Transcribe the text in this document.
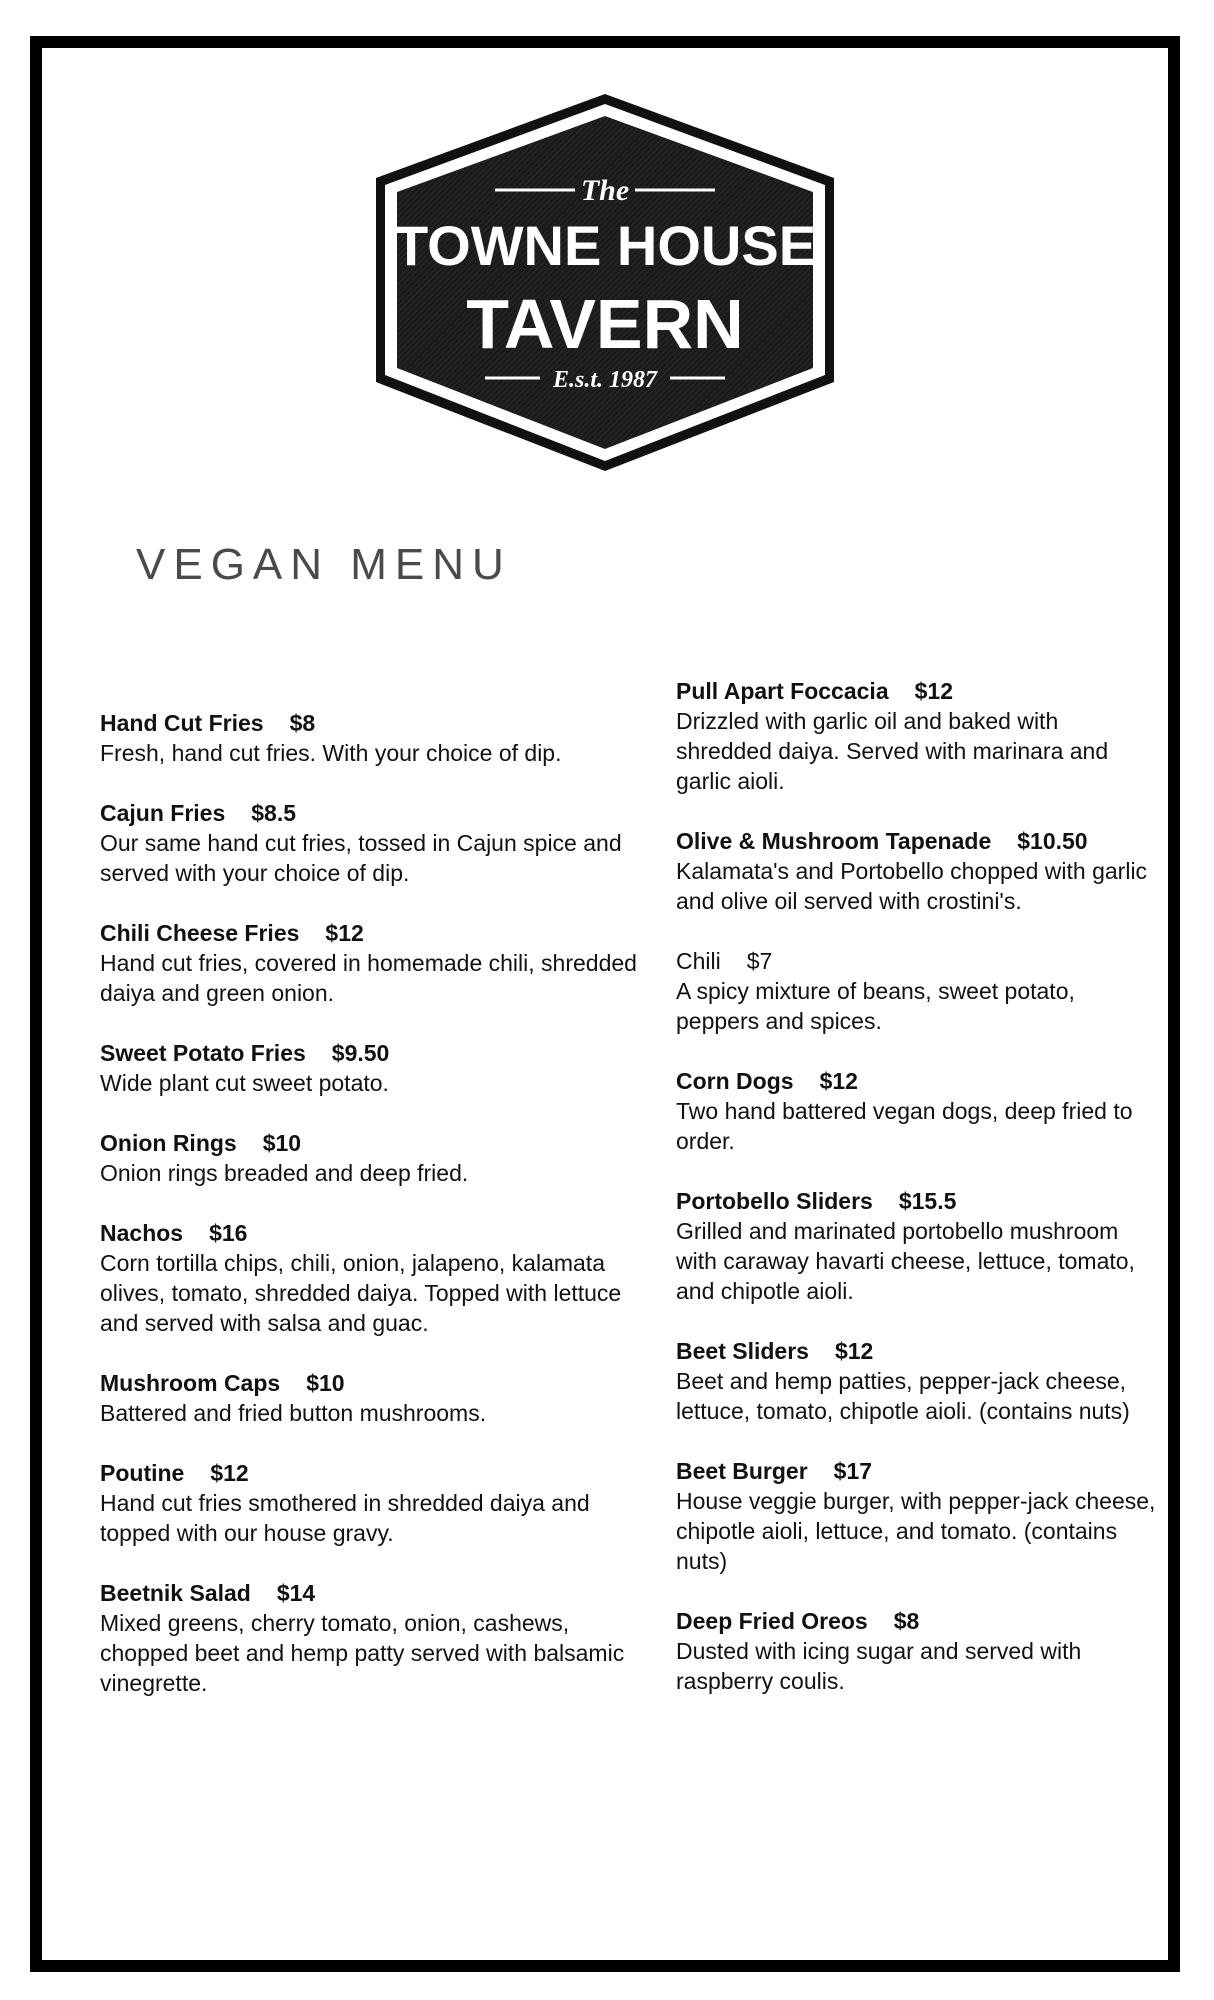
The
TOWNE HOUSE
TAVERN
E.s.t. 1987
VEGAN MENU
Hand Cut Fries $8
Fresh, hand cut fries. With your choice of dip.
Cajun Fries $8.5
Our same hand cut fries, tossed in Cajun spice and served with your choice of dip.
Chili Cheese Fries $12
Hand cut fries, covered in homemade chili, shredded daiya and green onion.
Sweet Potato Fries $9.50
Wide plant cut sweet potato.
Onion Rings $10
Onion rings breaded and deep fried.
Nachos $16
Corn tortilla chips, chili, onion, jalapeno, kalamata olives, tomato, shredded daiya. Topped with lettuce and served with salsa and guac.
Mushroom Caps $10
Battered and fried button mushrooms.
Poutine $12
Hand cut fries smothered in shredded daiya and topped with our house gravy.
Beetnik Salad $14
Mixed greens, cherry tomato, onion, cashews, chopped beet and hemp patty served with balsamic vinegrette.
Pull Apart Foccacia $12
Drizzled with garlic oil and baked with shredded daiya. Served with marinara and garlic aioli.
Olive & Mushroom Tapenade $10.50
Kalamata's and Portobello chopped with garlic and olive oil served with crostini's.
Chili $7
A spicy mixture of beans, sweet potato, peppers and spices.
Corn Dogs $12
Two hand battered vegan dogs, deep fried to order.
Portobello Sliders $15.5
Grilled and marinated portobello mushroom with caraway havarti cheese, lettuce, tomato, and chipotle aioli.
Beet Sliders $12
Beet and hemp patties, pepper-jack cheese, lettuce, tomato, chipotle aioli. (contains nuts)
Beet Burger $17
House veggie burger, with pepper-jack cheese, chipotle aioli, lettuce, and tomato. (contains nuts)
Deep Fried Oreos $8
Dusted with icing sugar and served with raspberry coulis.
